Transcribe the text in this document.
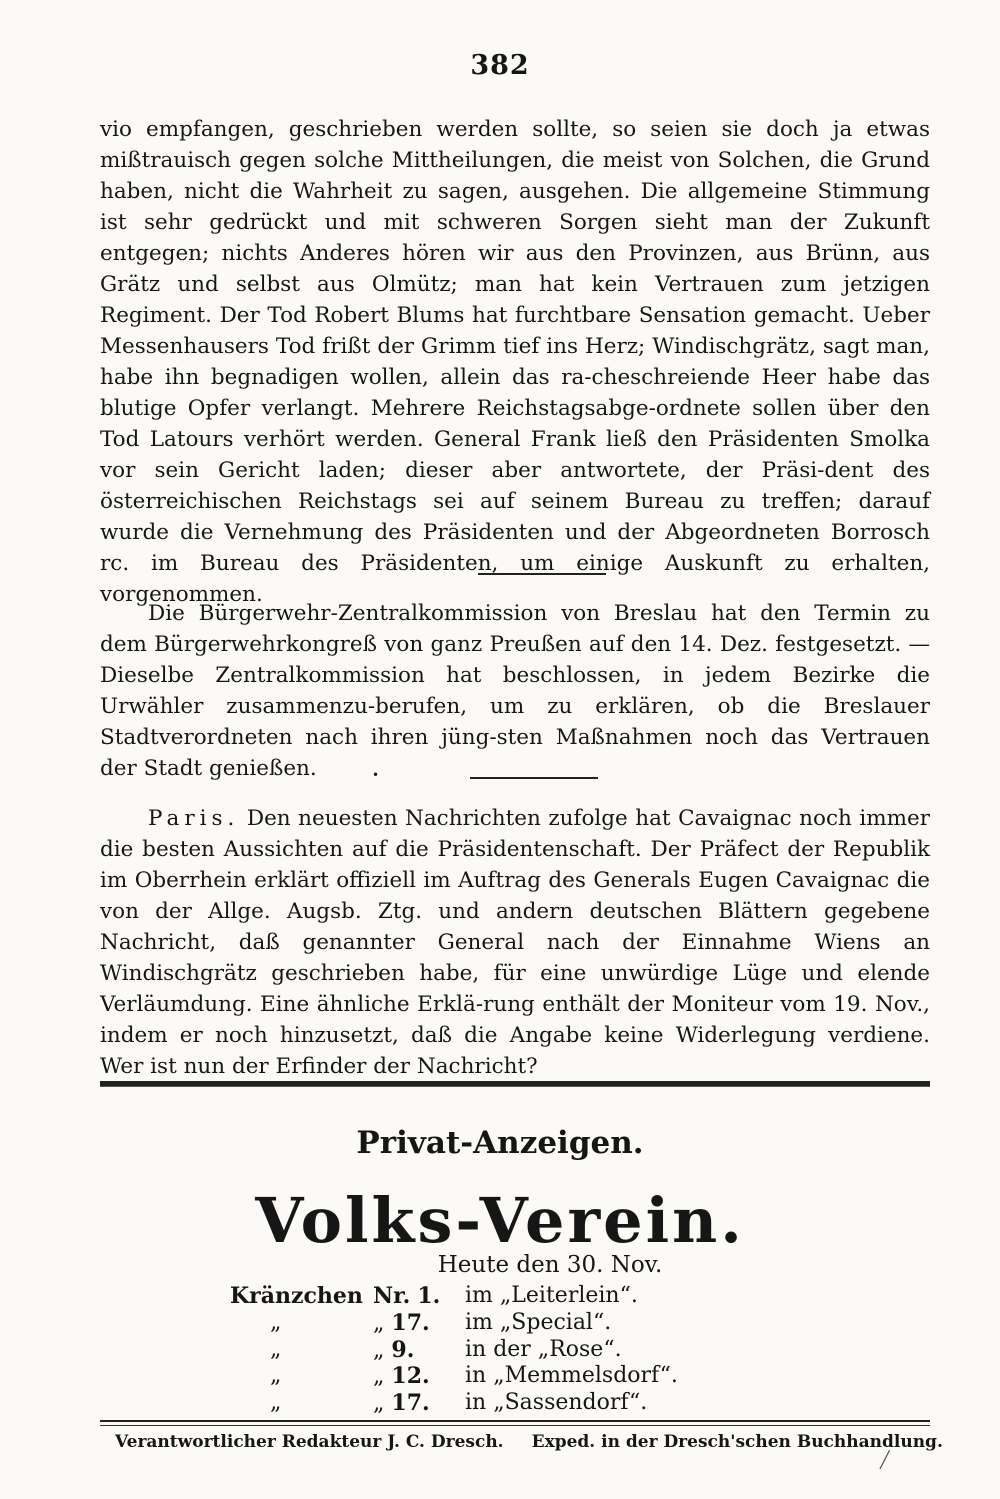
382

vio empfangen, geschrieben werden sollte, so seien sie doch ja etwas mißtrauisch gegen solche Mittheilungen, die meist von Solchen, die Grund haben, nicht die Wahrheit zu sagen, ausgehen. Die allgemeine Stimmung ist sehr gedrückt und mit schweren Sorgen sieht man der Zukunft entgegen; nichts Anderes hören wir aus den Provinzen, aus Brünn, aus Grätz und selbst aus Olmütz; man hat kein Vertrauen zum jetzigen Regiment. Der Tod Robert Blums hat furchtbare Sensation gemacht. Ueber Messenhausers Tod frißt der Grimm tief ins Herz; Windischgrätz, sagt man, habe ihn begnadigen wollen, allein das ra-cheschreiende Heer habe das blutige Opfer verlangt. Mehrere Reichstagsabge-ordnete sollen über den Tod Latours verhört werden. General Frank ließ den Präsidenten Smolka vor sein Gericht laden; dieser aber antwortete, der Präsi-dent des österreichischen Reichstags sei auf seinem Bureau zu treffen; darauf wurde die Vernehmung des Präsidenten und der Abgeordneten Borrosch rc. im Bureau des Präsidenten, um einige Auskunft zu erhalten, vorgenommen.

Die Bürgerwehr-Zentralkommission von Breslau hat den Termin zu dem Bürgerwehrkongreß von ganz Preußen auf den 14. Dez. festgesetzt. — Dieselbe Zentralkommission hat beschlossen, in jedem Bezirke die Urwähler zusammenzu-berufen, um zu erklären, ob die Breslauer Stadtverordneten nach ihren jüng-sten Maßnahmen noch das Vertrauen der Stadt genießen.	•

Paris. Den neuesten Nachrichten zufolge hat Cavaignac noch immer die besten Aussichten auf die Präsidentenschaft. Der Präfect der Republik im Oberrhein erklärt offiziell im Auftrag des Generals Eugen Cavaignac die von der Allge. Augsb. Ztg. und andern deutschen Blättern gegebene Nachricht, daß genannter General nach der Einnahme Wiens an Windischgrätz geschrieben habe, für eine unwürdige Lüge und elende Verläumdung. Eine ähnliche Erklä-rung enthält der Moniteur vom 19. Nov., indem er noch hinzusetzt, daß die Angabe keine Widerlegung verdiene. Wer ist nun der Erfinder der Nachricht?

Privat-Anzeigen.
Volks-Verein.
Heute den 30. Nov.
Kränzchen Nr. 1.	im „Leiterlein“.
„	„ 17.	im „Special“.
„	„ 9.	in der „Rose“.
„	„ 12.	in „Memmelsdorf“.
„	„ 17.	in „Sassendorf“.
Verantwortlicher Redakteur J. C. Dresch. Exped. in der Dresch'schen Buchhandlung.
╱
